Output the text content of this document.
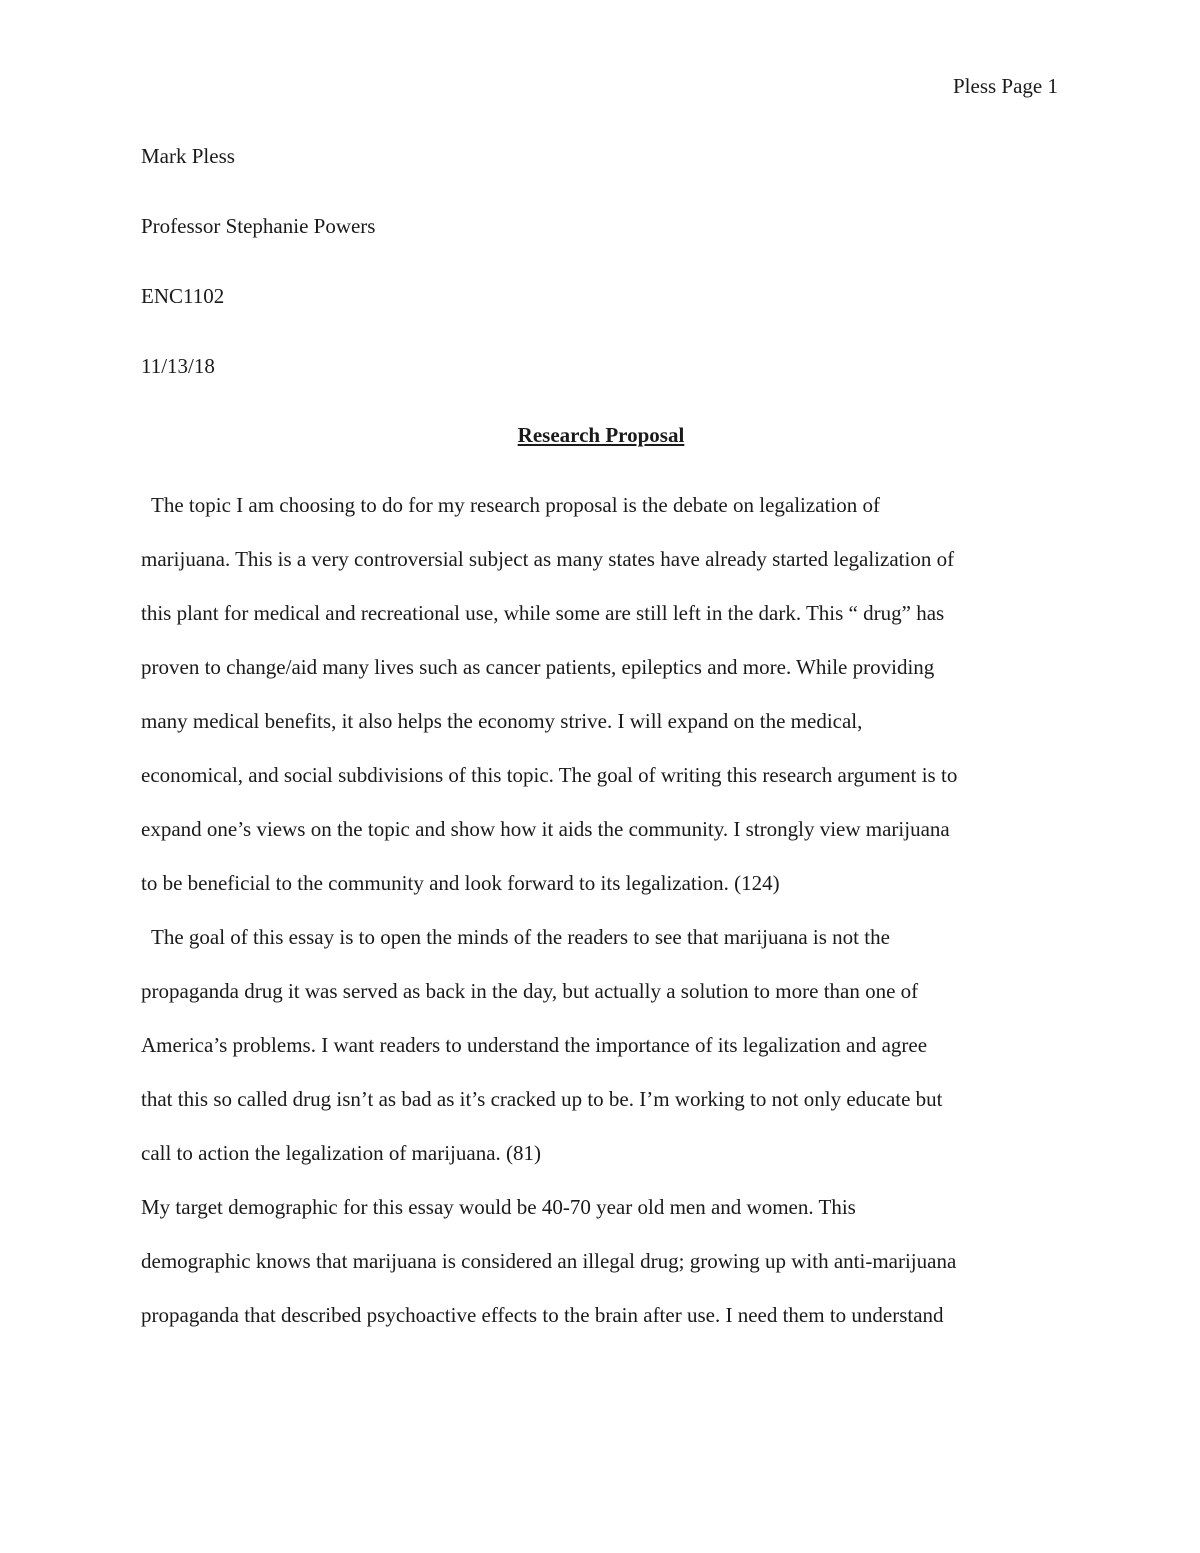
Pless Page 1
Mark Pless
Professor Stephanie Powers
ENC1102
11/13/18
Research Proposal
The topic I am choosing to do for my research proposal is the debate on legalization of
marijuana. This is a very controversial subject as many states have already started legalization of
this plant for medical and recreational use, while some are still left in the dark. This “ drug” has
proven to change/aid many lives such as cancer patients, epileptics and more. While providing
many medical benefits, it also helps the economy strive. I will expand on the medical,
economical, and social subdivisions of this topic. The goal of writing this research argument is to
expand one’s views on the topic and show how it aids the community. I strongly view marijuana
to be beneficial to the community and look forward to its legalization. (124)
The goal of this essay is to open the minds of the readers to see that marijuana is not the
propaganda drug it was served as back in the day, but actually a solution to more than one of
America’s problems. I want readers to understand the importance of its legalization and agree
that this so called drug isn’t as bad as it’s cracked up to be. I’m working to not only educate but
call to action the legalization of marijuana. (81)
My target demographic for this essay would be 40-70 year old men and women. This
demographic knows that marijuana is considered an illegal drug; growing up with anti-marijuana
propaganda that described psychoactive effects to the brain after use. I need them to understand
